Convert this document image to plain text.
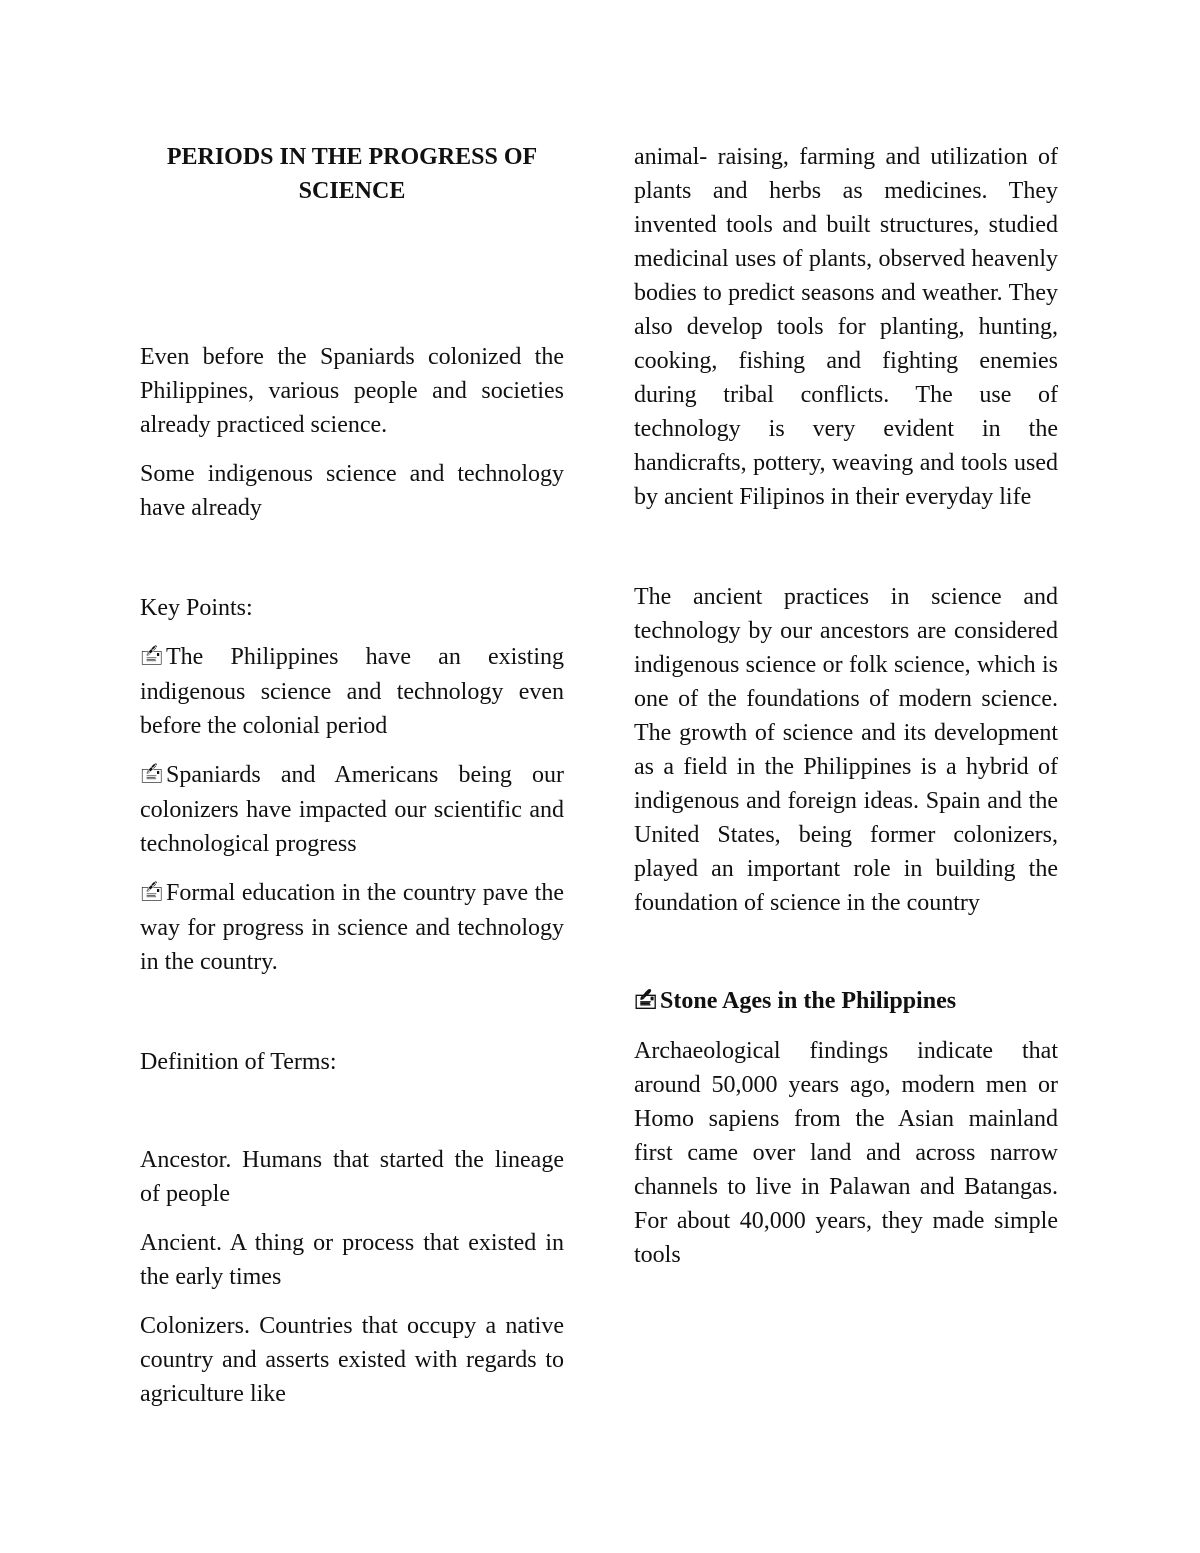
PERIODS IN THE PROGRESS OF SCIENCE

Even before the Spaniards colonized the Philippines, various people and societies already practiced science.

Some indigenous science and technology have already

Key Points:

🖆 The Philippines have an existing indigenous science and technology even before the colonial period

🖆 Spaniards and Americans being our colonizers have impacted our scientific and technological progress

🖆 Formal education in the country pave the way for progress in science and technology in the country.

Definition of Terms:

Ancestor. Humans that started the lineage of people

Ancient. A thing or process that existed in the early times

Colonizers. Countries that occupy a native country and asserts existed with regards to agriculture like

animal- raising, farming and utilization of plants and herbs as medicines. They invented tools and built structures, studied medicinal uses of plants, observed heavenly bodies to predict seasons and weather. They also develop tools for planting, hunting, cooking, fishing and fighting enemies during tribal conflicts. The use of technology is very evident in the handicrafts, pottery, weaving and tools used by ancient Filipinos in their everyday life

The ancient practices in science and technology by our ancestors are considered indigenous science or folk science, which is one of the foundations of modern science. The growth of science and its development as a field in the Philippines is a hybrid of indigenous and foreign ideas. Spain and the United States, being former colonizers, played an important role in building the foundation of science in the country

🖆 Stone Ages in the Philippines

Archaeological findings indicate that around 50,000 years ago, modern men or Homo sapiens from the Asian mainland first came over land and across narrow channels to live in Palawan and Batangas. For about 40,000 years, they made simple tools
